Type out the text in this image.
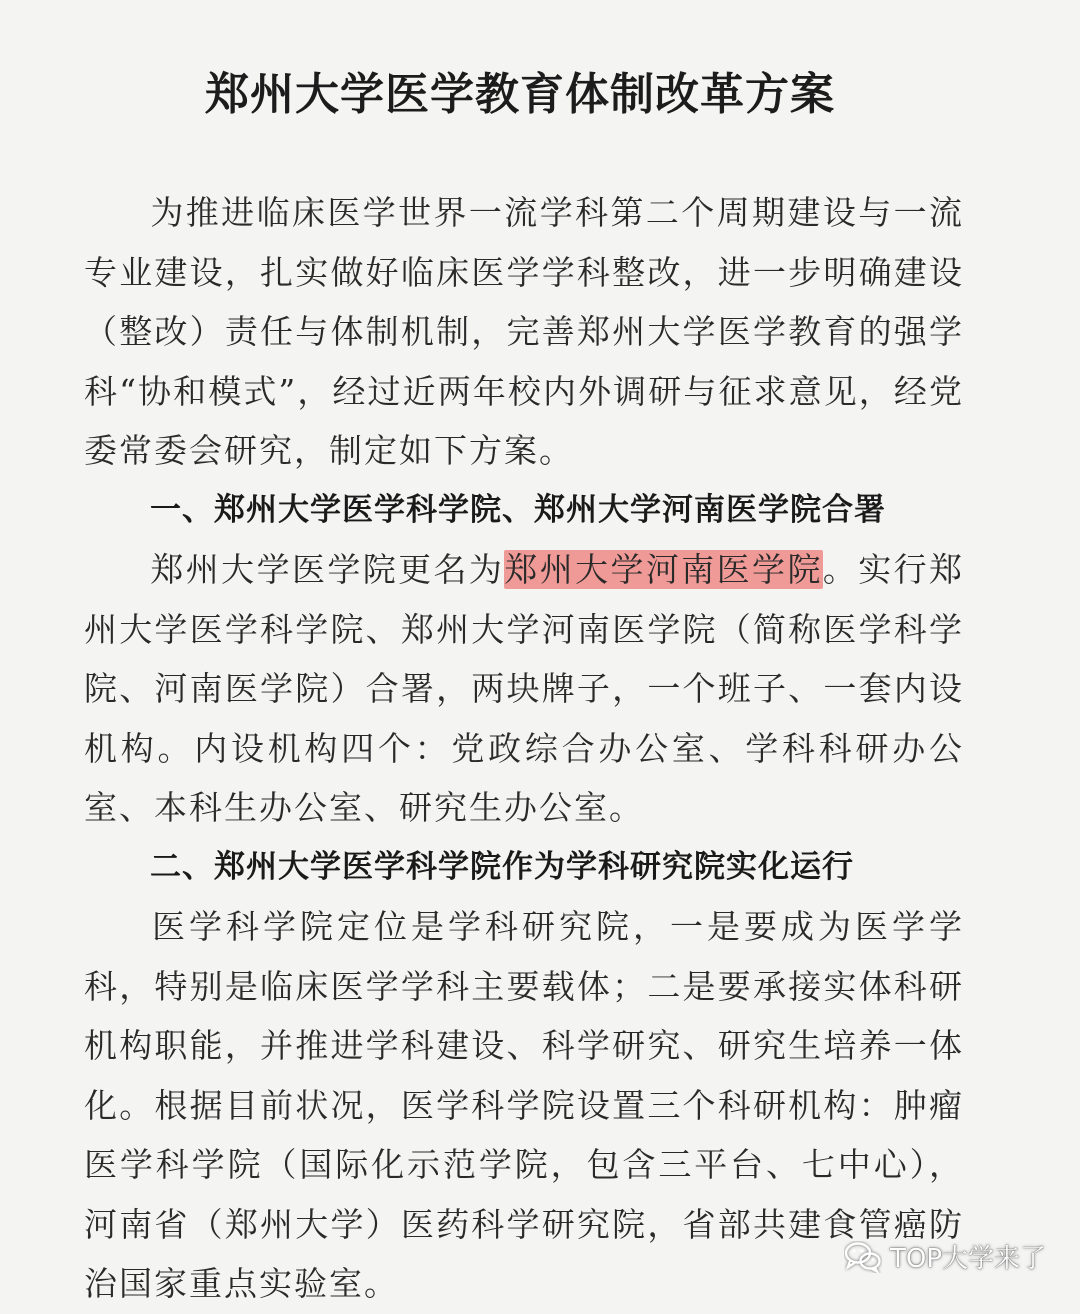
郑州大学医学教育体制改革方案

为推进临床医学世界一流学科第二个周期建设与一流专业建设，扎实做好临床医学学科整改，进一步明确建设（整改）责任与体制机制，完善郑州大学医学教育的强学科“协和模式”，经过近两年校内外调研与征求意见，经党委常委会研究，制定如下方案。

一、郑州大学医学科学院、郑州大学河南医学院合署

郑州大学医学院更名为郑州大学河南医学院。实行郑州大学医学科学院、郑州大学河南医学院（简称医学科学院、河南医学院）合署，两块牌子，一个班子、一套内设机构。内设机构四个：党政综合办公室、学科科研办公室、本科生办公室、研究生办公室。

二、郑州大学医学科学院作为学科研究院实化运行

医学科学院定位是学科研究院，一是要成为医学学科，特别是临床医学学科主要载体；二是要承接实体科研机构职能，并推进学科建设、科学研究、研究生培养一体化。根据目前状况，医学科学院设置三个科研机构：肿瘤医学科学院（国际化示范学院，包含三平台、七中心），河南省（郑州大学）医药科学研究院，省部共建食管癌防治国家重点实验室。

TOP大学来了
